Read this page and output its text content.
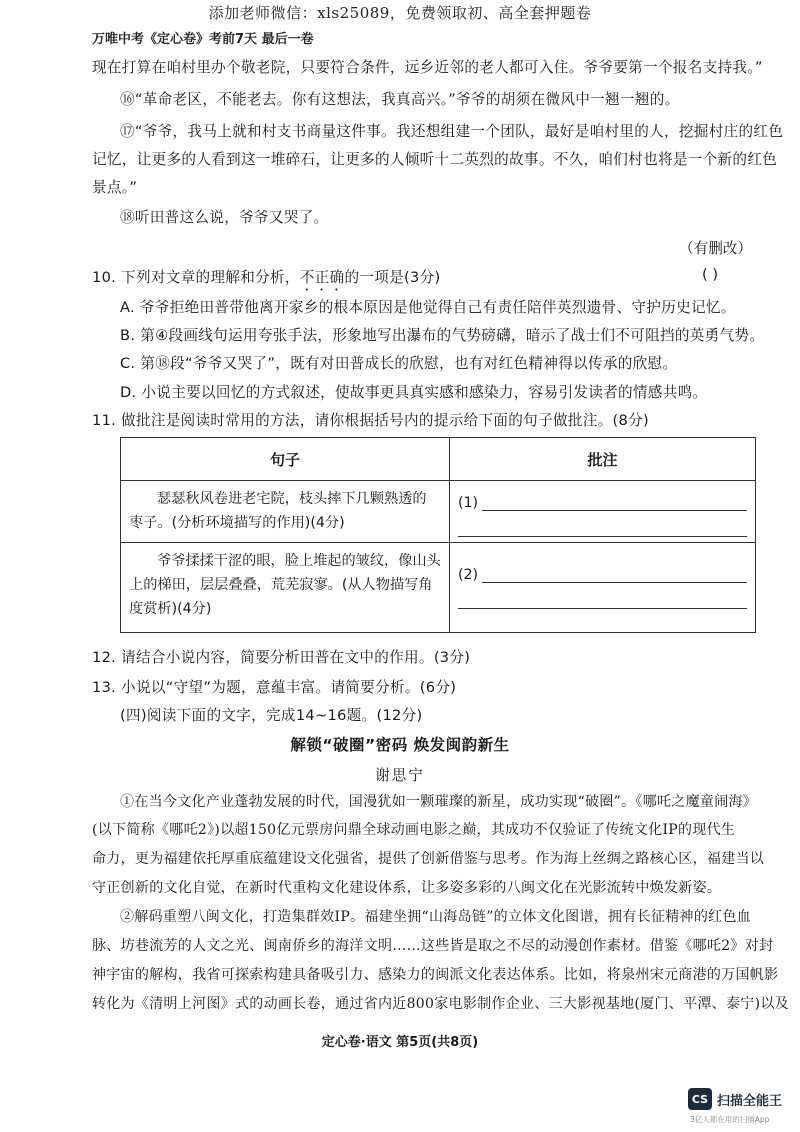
添加老师微信：xls25089，免费领取初、高全套押题卷
万唯中考《定心卷》考前7天 最后一卷
现在打算在咱村里办个敬老院，只要符合条件，远乡近邻的老人都可入住。爷爷要第一个报名支持我。”
⑯“革命老区，不能老去。你有这想法，我真高兴。”爷爷的胡须在微风中一翘一翘的。
⑰“爷爷，我马上就和村支书商量这件事。我还想组建一个团队，最好是咱村里的人，挖掘村庄的红色
记忆，让更多的人看到这一堆碎石，让更多的人倾听十二英烈的故事。不久，咱们村也将是一个新的红色
景点。”
⑱听田普这么说，爷爷又哭了。
（有删改）
10. 下列对文章的理解和分析，不正确的一项是(3分)	( )
A. 爷爷拒绝田普带他离开家乡的根本原因是他觉得自己有责任陪伴英烈遗骨、守护历史记忆。
B. 第④段画线句运用夸张手法，形象地写出瀑布的气势磅礴，暗示了战士们不可阻挡的英勇气势。
C. 第⑱段“爷爷又哭了”，既有对田普成长的欣慰，也有对红色精神得以传承的欣慰。
D. 小说主要以回忆的方式叙述，使故事更具真实感和感染力，容易引发读者的情感共鸣。
11. 做批注是阅读时常用的方法，请你根据括号内的提示给下面的句子做批注。(8分)
句子	批注

瑟瑟秋风卷进老宅院，枝头摔下几颗熟透的
枣子。(分析环境描写的作用)(4分)	(1)

爷爷揉揉干涩的眼，脸上堆起的皱纹，像山头
上的梯田，层层叠叠，荒芜寂寥。(从人物描写角
度赏析)(4分)	(2)
12. 请结合小说内容，简要分析田普在文中的作用。(3分)
13. 小说以“守望”为题，意蕴丰富。请简要分析。(6分)
(四)阅读下面的文字，完成14~16题。(12分)
解锁“破圈”密码 焕发闽韵新生
谢思宁
①在当今文化产业蓬勃发展的时代，国漫犹如一颗璀璨的新星，成功实现“破圈”。《哪吒之魔童闹海》
(以下简称《哪吒2》)以超150亿元票房问鼎全球动画电影之巅，其成功不仅验证了传统文化IP的现代生
命力，更为福建依托厚重底蕴建设文化强省，提供了创新借鉴与思考。作为海上丝绸之路核心区，福建当以
守正创新的文化自觉，在新时代重构文化建设体系，让多姿多彩的八闽文化在光影流转中焕发新姿。
②解码重塑八闽文化，打造集群效IP。福建坐拥“山海岛链”的立体文化图谱，拥有长征精神的红色血
脉、坊巷流芳的人文之光、闽南侨乡的海洋文明……这些皆是取之不尽的动漫创作素材。借鉴《哪吒2》对封
神宇宙的解构，我省可探索构建具备吸引力、感染力的闽派文化表达体系。比如，将泉州宋元商港的万国帆影
转化为《清明上河图》式的动画长卷，通过省内近800家电影制作企业、三大影视基地(厦门、平潭、泰宁)以及
定心卷·语文 第5页(共8页)
CS 扫描全能王
3亿人都在用的扫描App
